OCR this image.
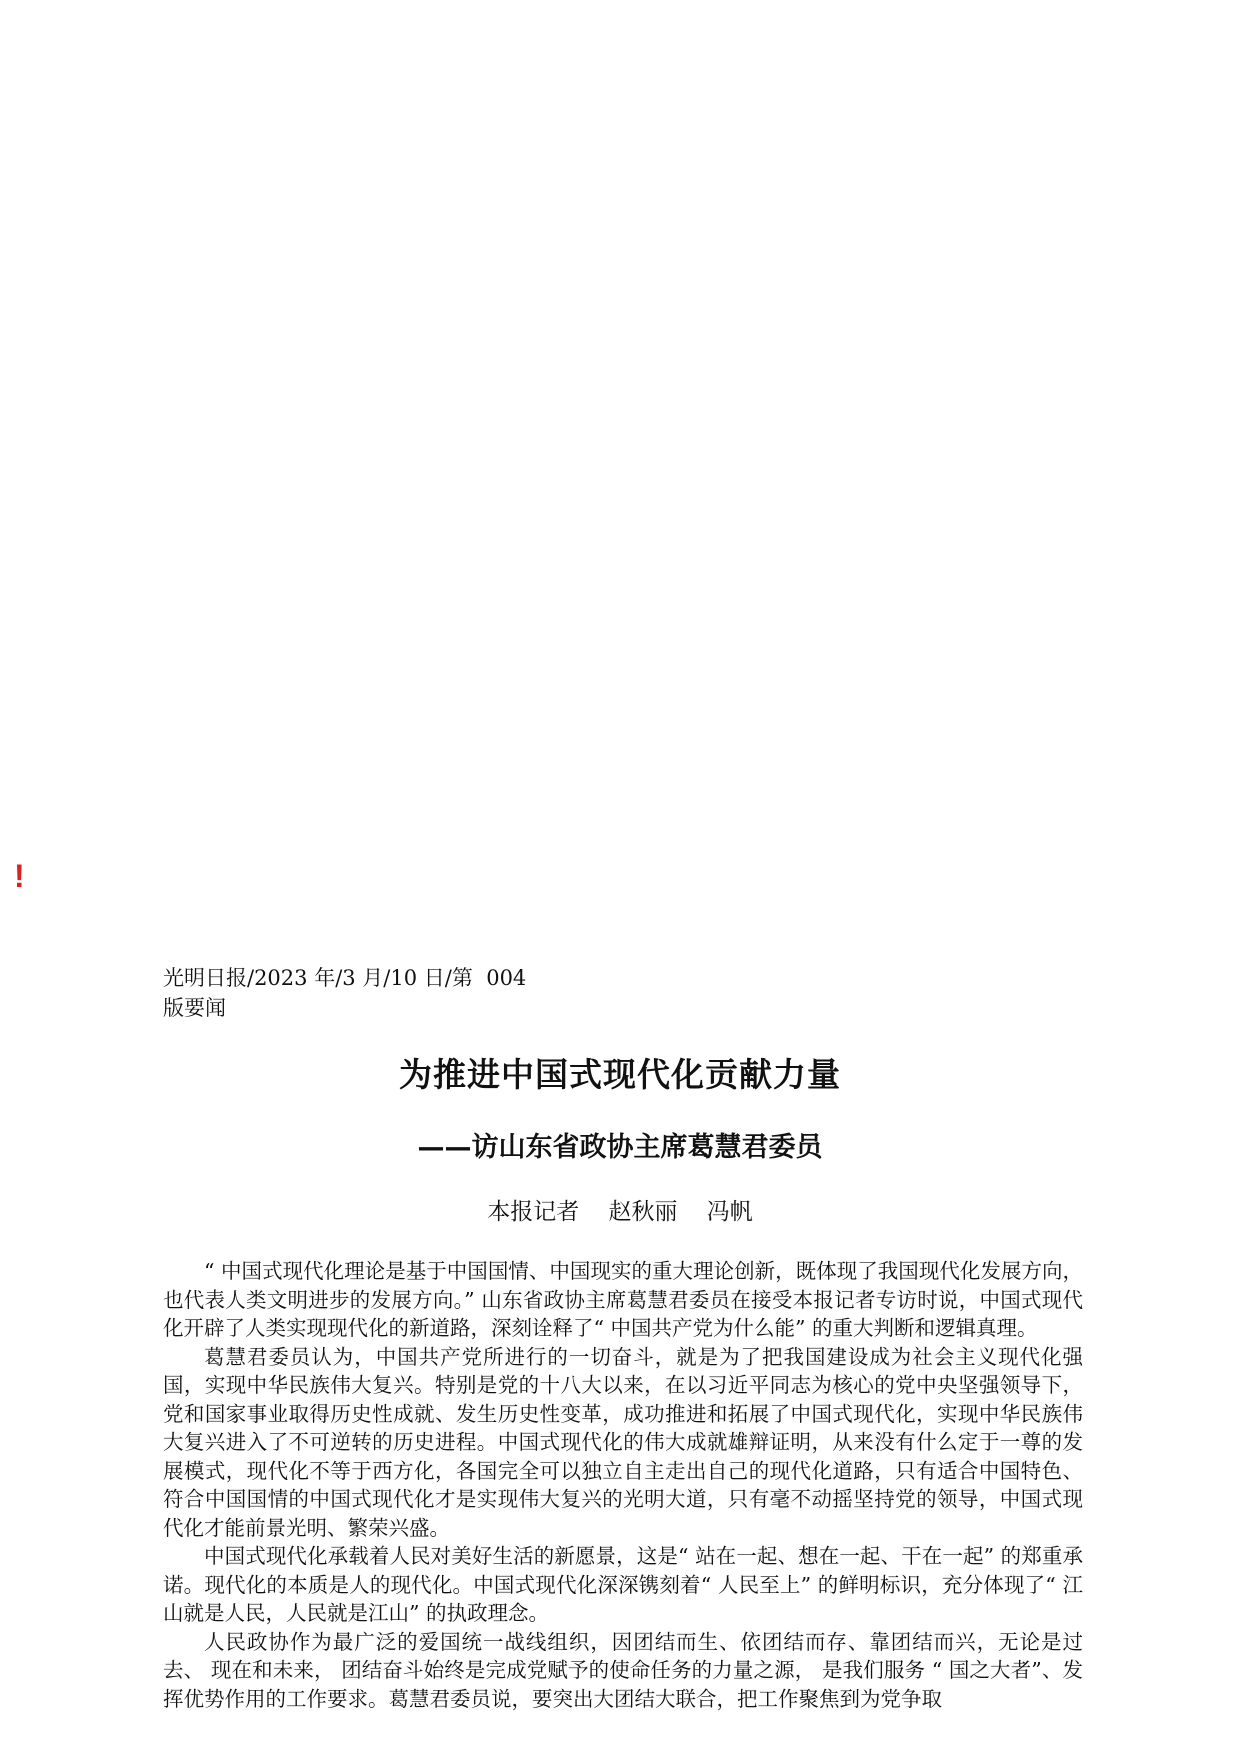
!
光明日报/2023 年/3 月/10 日/第  004
版要闻
为推进中国式现代化贡献力量
——访山东省政协主席葛慧君委员
本报记者    赵秋丽    冯帆

“ 中国式现代化理论是基于中国国情、中国现实的重大理论创新，既体现了我国现代化发展方向，也代表人类文明进步的发展方向。” 山东省政协主席葛慧君委员在接受本报记者专访时说，中国式现代化开辟了人类实现现代化的新道路，深刻诠释了“ 中国共产党为什么能” 的重大判断和逻辑真理。

葛慧君委员认为，中国共产党所进行的一切奋斗，就是为了把我国建设成为社会主义现代化强国，实现中华民族伟大复兴。特别是党的十八大以来，在以习近平同志为核心的党中央坚强领导下，党和国家事业取得历史性成就、发生历史性变革，成功推进和拓展了中国式现代化，实现中华民族伟大复兴进入了不可逆转的历史进程。中国式现代化的伟大成就雄辩证明，从来没有什么定于一尊的发展模式，现代化不等于西方化，各国完全可以独立自主走出自己的现代化道路，只有适合中国特色、符合中国国情的中国式现代化才是实现伟大复兴的光明大道，只有毫不动摇坚持党的领导，中国式现代化才能前景光明、繁荣兴盛。

中国式现代化承载着人民对美好生活的新愿景，这是“ 站在一起、想在一起、干在一起” 的郑重承诺。现代化的本质是人的现代化。中国式现代化深深镌刻着“ 人民至上” 的鲜明标识，充分体现了“ 江山就是人民，人民就是江山” 的执政理念。

人民政协作为最广泛的爱国统一战线组织，因团结而生、依团结而存、靠团结而兴，无论是过去、 现在和未来， 团结奋斗始终是完成党赋予的使命任务的力量之源， 是我们服务 “ 国之大者”、发挥优势作用的工作要求。葛慧君委员说，要突出大团结大联合，把工作聚焦到为党争取
